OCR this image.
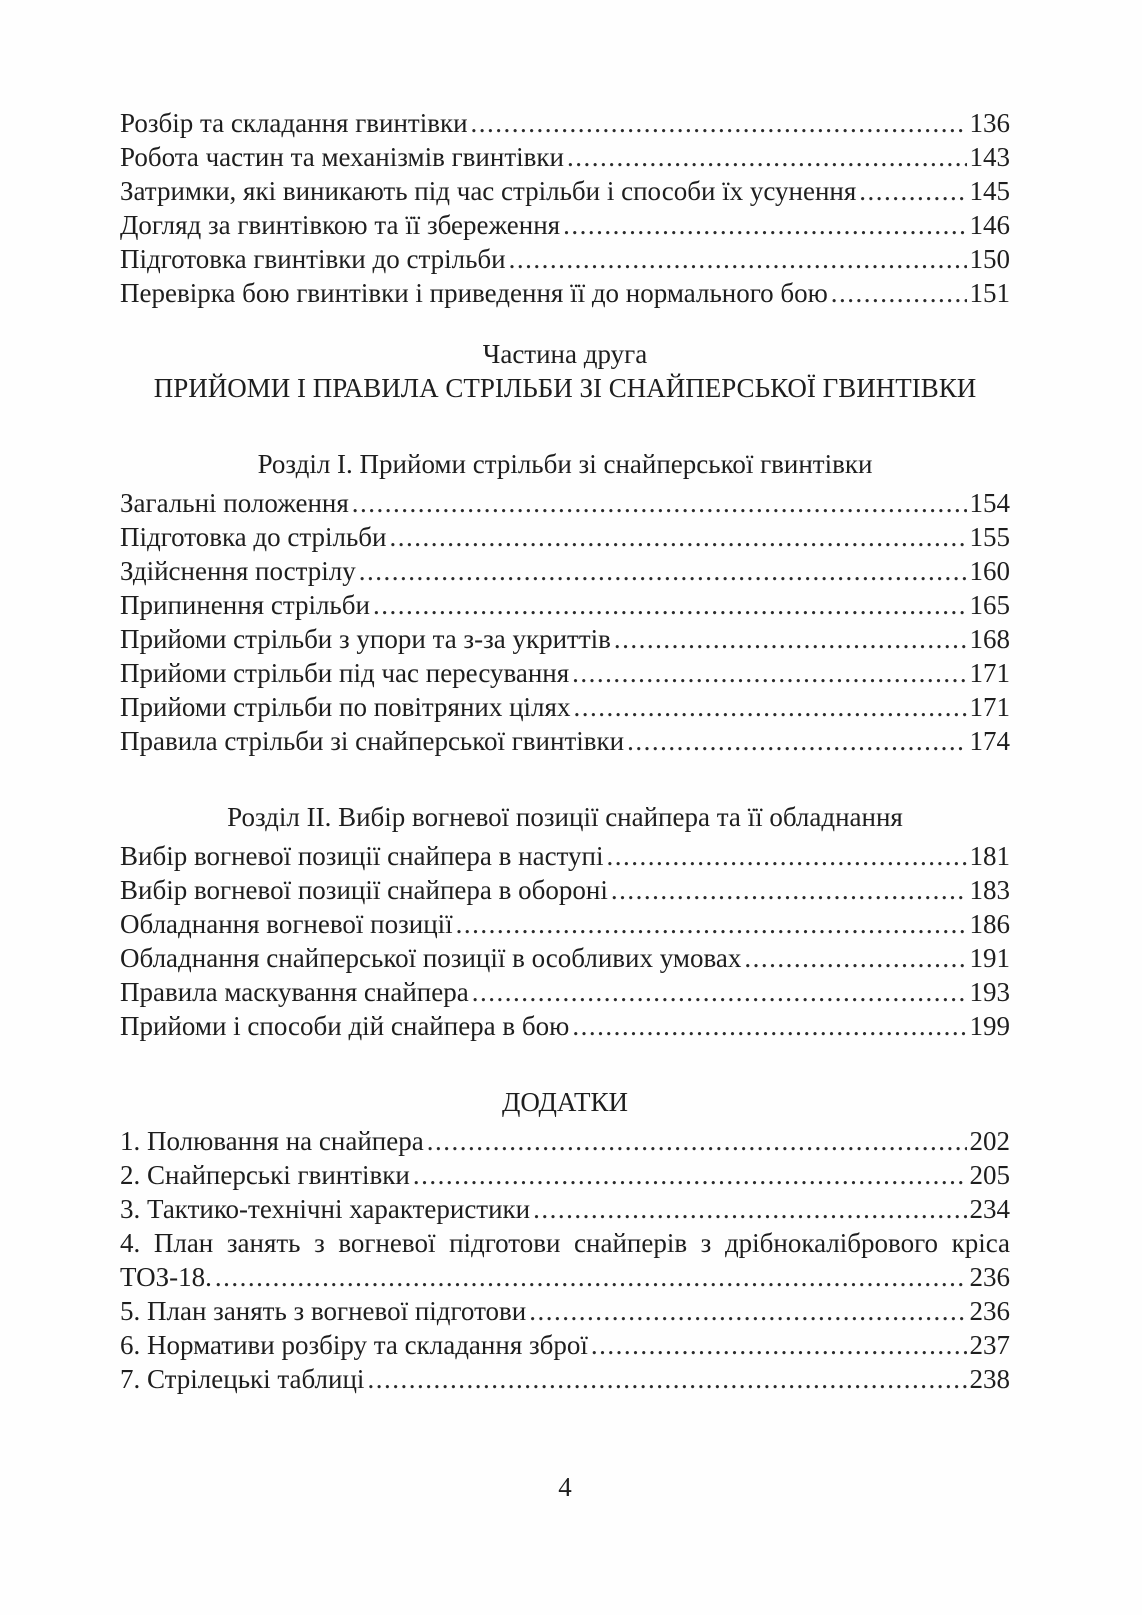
Розбір та складання гвинтівки .....	136
Робота частин та механізмів гвинтівки .....	143
Затримки, які виникають під час стрільби і способи їх усунення .....	145
Догляд за гвинтівкою та її збереження .....	146
Підготовка гвинтівки до стрільби .....	150
Перевірка бою гвинтівки і приведення її до нормального бою .....	151
Частина друга
ПРИЙОМИ І ПРАВИЛА СТРІЛЬБИ ЗІ СНАЙПЕРСЬКОЇ ГВИНТІВКИ
Розділ І. Прийоми стрільби зі снайперської гвинтівки
Загальні положення .....	154
Підготовка до стрільби .....	155
Здійснення пострілу .....	160
Припинення стрільби .....	165
Прийоми стрільби з упори та з-за укриттів .....	168
Прийоми стрільби під час пересування .....	171
Прийоми стрільби по повітряних цілях .....	171
Правила стрільби зі снайперської гвинтівки .....	174
Розділ ІІ. Вибір вогневої позиції снайпера та її обладнання
Вибір вогневої позиції снайпера в наступі .....	181
Вибір вогневої позиції снайпера в обороні .....	183
Обладнання вогневої позиції .....	186
Обладнання снайперської позиції в особливих умовах .....	191
Правила маскування снайпера .....	193
Прийоми і способи дій снайпера в бою .....	199
ДОДАТКИ
1. Полювання на снайпера .....	202
2. Снайперські гвинтівки .....	205
3. Тактико-технічні характеристики .....	234
4. План занять з вогневої підготови снайперів з дрібнокалібрового кріса
ТОЗ-18. .....	236
5. План занять з вогневої підготови .....	236
6. Нормативи розбіру та складання зброї .....	237
7. Стрілецькі таблиці .....	238
4
